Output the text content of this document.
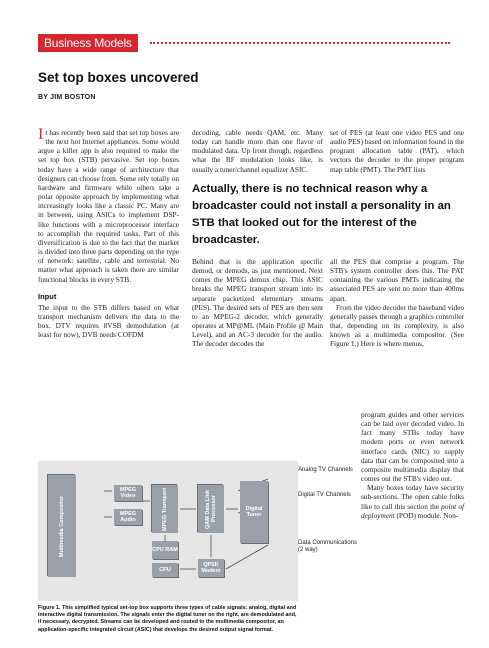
Business Models
Set top boxes uncovered
BY JIM BOSTON

It has recently been said that set top boxes are the next hot Internet appliances. Some would argue a killer app is also required to make the set top box (STB) pervasive. Set top boxes today have a wide range of architecture that designers can choose from. Some rely totally on hardware and firmware while others take a polar opposite approach by implementing what increasingly looks like a classic PC. Many are in between, using ASICs to implement DSP-like functions with a microprocessor interface to accomplish the required tasks. Part of this diversification is due to the fact that the market is divided into three parts depending on the type of network: satellite, cable and terrestrial. No matter what approach is taken there are similar functional blocks in every STB.

Input

The input to the STB differs based on what transport mechanism delivers the data to the box. DTV requires 8VSB demodulation (at least for now), DVB needs COFDM

decoding, cable needs QAM, etc. Many today can handle more than one flavor of modulated data. Up front though, regardless what the RF modulation looks like, is usually a tuner/channel equalizer ASIC.

set of PES (at least one video PES and one audio PES) based on information found in the program allocation table (PAT), which vectors the decoder to the proper program map table (PMT). The PMT lists

Actually, there is no technical reason why a broadcaster could not install a personality in an STB that looked out for the interest of the broadcaster.

Behind that is the application specific demod, or demods, as just mentioned. Next comes the MPEG demux chip. This ASIC breaks the MPEG transport stream into its separate packetized elementary streams (PES). The desired sets of PES are then sent to an MPEG-2 decoder, which generally operates at MP@ML (Main Profile @ Main Level), and an AC-3 decoder for the audio. The decoder decodes the

all the PES that comprise a program. The STB's system controller does this. The PAT containing the various PMTs indicating the associated PES are sent no more than 400ms apart.

From the video decoder the baseband video generally passes through a graphics controller that, depending on its complexity, is also known as a multimedia compositor. (See Figure 1.) Here is where menus,

program guides and other services can be laid over decoded video. In fact many STBs today have modem ports or even network interface cards (NIC) to supply data that can be composited into a composite multimedia display that comes out the STB's video out.

Many boxes today have security sub-sections. The open cable folks like to call this section the point of deployment (POD) module. Non-

Multimedia Compositor
MPEG Video
MPEG Audio	MPEG Transport
CPU RAM
CPU
QAM Data Link Processor
QPSK Modem
Digital Tuner
Analog TV Channels
Digital TV Channels
Data Communications (2 way)
Figure 1. This simplified typical set-top box supports three types of cable signals: analog, digital and interactive digital transmission. The signals enter the digital tuner on the right, are demodulated and, if necessary, decrypted. Streams can be developed and routed to the multimedia compositor, an application-specific integrated circuit (ASIC) that develops the desired output signal format.
